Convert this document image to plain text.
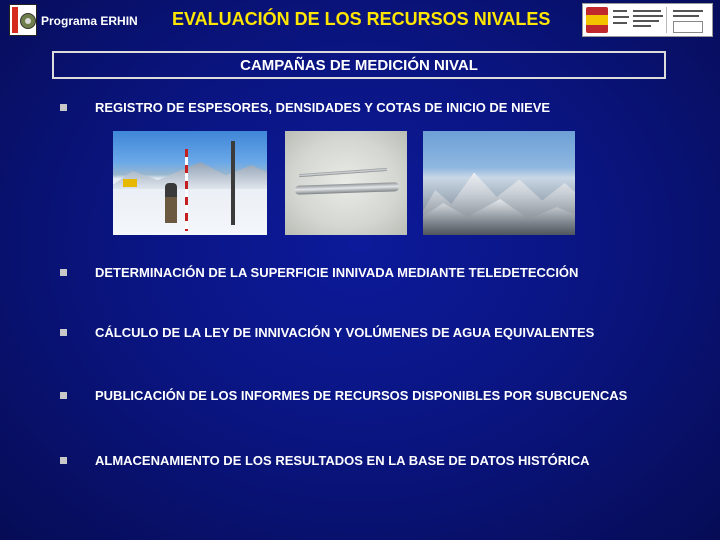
Programa ERHIN EVALUACIÓN DE LOS RECURSOS NIVALES
CAMPAÑAS DE MEDICIÓN NIVAL
REGISTRO DE ESPESORES, DENSIDADES Y COTAS DE INICIO DE NIEVE
DETERMINACIÓN DE LA SUPERFICIE INNIVADA MEDIANTE TELEDETECCIÓN
CÁLCULO DE LA LEY DE INNIVACIÓN Y VOLÚMENES DE AGUA EQUIVALENTES
PUBLICACIÓN DE LOS INFORMES DE RECURSOS DISPONIBLES POR SUBCUENCAS
ALMACENAMIENTO DE LOS RESULTADOS EN LA BASE DE DATOS HISTÓRICA
